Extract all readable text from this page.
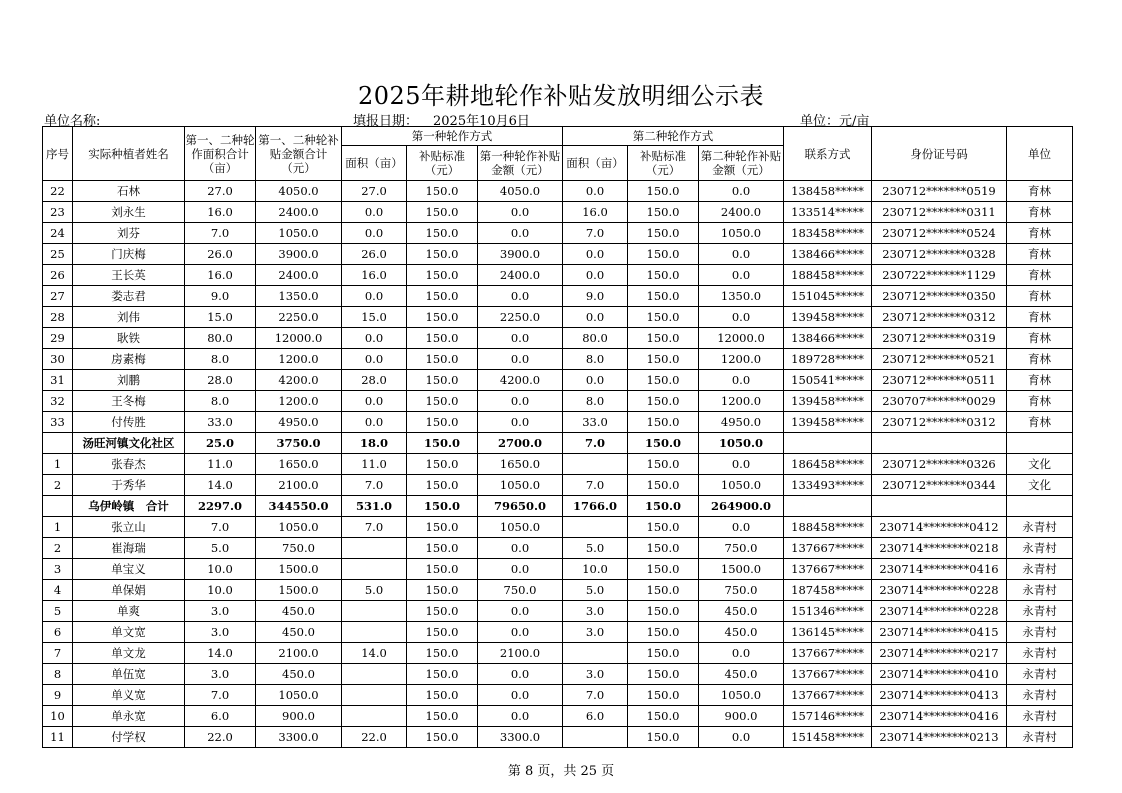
2025年耕地轮作补贴发放明细公示表
单位名称:	填报日期： 2025年10月6日	单位：元/亩
序号	实际种植者姓名	第一、二种轮作面积合计（亩）	第一、二种轮补贴金额合计（元）	第一种轮作方式			第二种轮作方式			联系方式	身份证号码	单位
				面积（亩）	补贴标准（元）	第一种轮作补贴金额（元）	面积（亩）	补贴标准（元）	第二种轮作补贴金额（元）			
22	石林	27.0	4050.0	27.0	150.0	4050.0	0.0	150.0	0.0	138458*****	230712*******0519	育林
23	刘永生	16.0	2400.0	0.0	150.0	0.0	16.0	150.0	2400.0	133514*****	230712*******0311	育林
24	刘芬	7.0	1050.0	0.0	150.0	0.0	7.0	150.0	1050.0	183458*****	230712*******0524	育林
25	门庆梅	26.0	3900.0	26.0	150.0	3900.0	0.0	150.0	0.0	138466*****	230712*******0328	育林
26	王长英	16.0	2400.0	16.0	150.0	2400.0	0.0	150.0	0.0	188458*****	230722*******1129	育林
27	娄志君	9.0	1350.0	0.0	150.0	0.0	9.0	150.0	1350.0	151045*****	230712*******0350	育林
28	刘伟	15.0	2250.0	15.0	150.0	2250.0	0.0	150.0	0.0	139458*****	230712*******0312	育林
29	耿铁	80.0	12000.0	0.0	150.0	0.0	80.0	150.0	12000.0	138466*****	230712*******0319	育林
30	房素梅	8.0	1200.0	0.0	150.0	0.0	8.0	150.0	1200.0	189728*****	230712*******0521	育林
31	刘鹏	28.0	4200.0	28.0	150.0	4200.0	0.0	150.0	0.0	150541*****	230712*******0511	育林
32	王冬梅	8.0	1200.0	0.0	150.0	0.0	8.0	150.0	1200.0	139458*****	230707*******0029	育林
33	付传胜	33.0	4950.0	0.0	150.0	0.0	33.0	150.0	4950.0	139458*****	230712*******0312	育林
	汤旺河镇文化社区	25.0	3750.0	18.0	150.0	2700.0	7.0	150.0	1050.0			
1	张春杰	11.0	1650.0	11.0	150.0	1650.0		150.0	0.0	186458*****	230712*******0326	文化
2	于秀华	14.0	2100.0	7.0	150.0	1050.0	7.0	150.0	1050.0	133493*****	230712*******0344	文化
	乌伊岭镇　合计	2297.0	344550.0	531.0	150.0	79650.0	1766.0	150.0	264900.0			
1	张立山	7.0	1050.0	7.0	150.0	1050.0		150.0	0.0	188458*****	230714********0412	永青村
2	崔海瑞	5.0	750.0		150.0	0.0	5.0	150.0	750.0	137667*****	230714********0218	永青村
3	单宝义	10.0	1500.0		150.0	0.0	10.0	150.0	1500.0	137667*****	230714********0416	永青村
4	单保娟	10.0	1500.0	5.0	150.0	750.0	5.0	150.0	750.0	187458*****	230714********0228	永青村
5	单爽	3.0	450.0		150.0	0.0	3.0	150.0	450.0	151346*****	230714********0228	永青村
6	单文宽	3.0	450.0		150.0	0.0	3.0	150.0	450.0	136145*****	230714********0415	永青村
7	单文龙	14.0	2100.0	14.0	150.0	2100.0		150.0	0.0	137667*****	230714********0217	永青村
8	单伍宽	3.0	450.0		150.0	0.0	3.0	150.0	450.0	137667*****	230714********0410	永青村
9	单义宽	7.0	1050.0		150.0	0.0	7.0	150.0	1050.0	137667*****	230714********0413	永青村
10	单永宽	6.0	900.0		150.0	0.0	6.0	150.0	900.0	157146*****	230714********0416	永青村
11	付学权	22.0	3300.0	22.0	150.0	3300.0		150.0	0.0	151458*****	230714********0213	永青村
第 8 页，共 25 页
